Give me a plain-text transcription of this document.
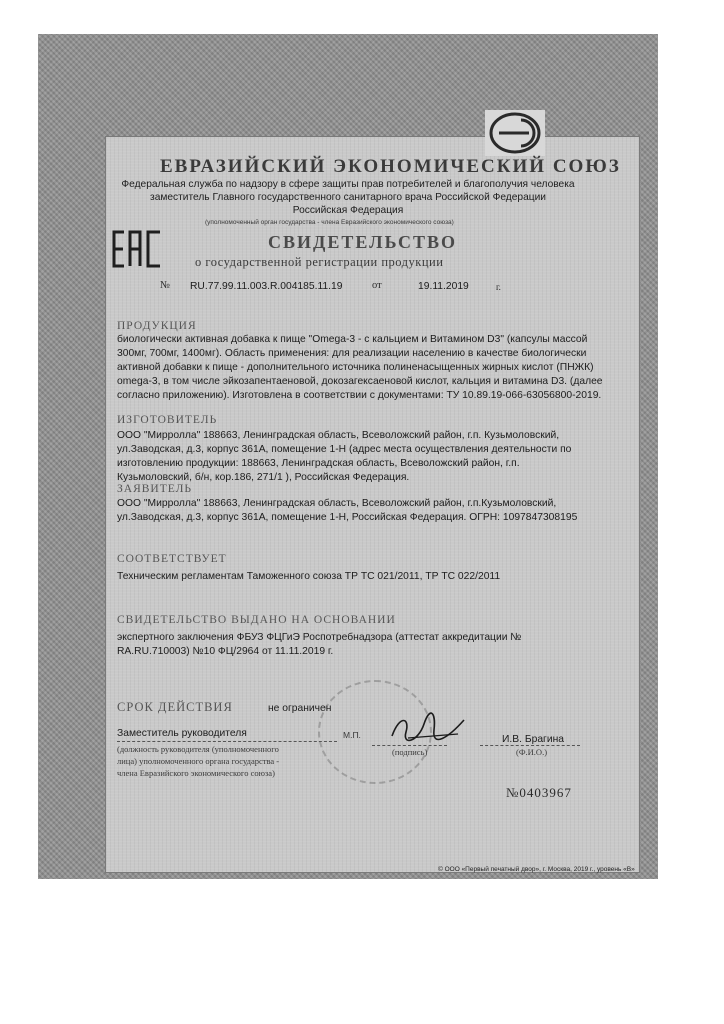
ЕВРАЗИЙСКИЙ ЭКОНОМИЧЕСКИЙ СОЮЗ
Федеральная служба по надзору в сфере защиты прав потребителей и благополучия человека
заместитель Главного государственного санитарного врача Российской Федерации
Российская Федерация
(уполномоченный орган государства - члена Евразийского экономического союза)
СВИДЕТЕЛЬСТВО
о государственной регистрации продукции
№ RU.77.99.11.003.R.004185.11.19	от	19.11.2019	г.
ПРОДУКЦИЯ
биологически активная добавка к пище "Omega-3 - с кальцием и Витамином D3" (капсулы массой
300мг, 700мг, 1400мг). Область применения: для реализации населению в качестве биологически
активной добавки к пище - дополнительного источника полиненасыщенных жирных кислот (ПНЖК)
omega-3, в том числе эйкозапентаеновой, докозагексаеновой кислот, кальция и витамина D3. (далее
согласно приложению). Изготовлена в соответствии с документами: ТУ 10.89.19-066-63056800-2019.
ИЗГОТОВИТЕЛЬ
ООО "Мирролла" 188663, Ленинградская область, Всеволожский район, г.п. Кузьмоловский,
ул.Заводская, д.3, корпус 361А, помещение 1-Н (адрес места осуществления деятельности по
изготовлению продукции: 188663, Ленинградская область, Всеволожский район, г.п.
Кузьмоловский, б/н, кор.186, 271/1 ), Российская Федерация.
ЗАЯВИТЕЛЬ
ООО "Мирролла" 188663, Ленинградская область, Всеволожский район, г.п.Кузьмоловский,
ул.Заводская, д.3, корпус 361А, помещение 1-Н, Российская Федерация. ОГРН: 1097847308195
СООТВЕТСТВУЕТ
Техническим регламентам Таможенного союза ТР ТС 021/2011, ТР ТС 022/2011
СВИДЕТЕЛЬСТВО ВЫДАНО НА ОСНОВАНИИ
экспертного заключения ФБУЗ ФЦГиЭ Роспотребнадзора (аттестат аккредитации №
RA.RU.710003) №10 ФЦ/2964 от 11.11.2019 г.
СРОК ДЕЙСТВИЯ	не ограничен
Заместитель руководителя	М.П.	И.В. Брагина
(должность руководителя (уполномоченного
лица) уполномоченного органа государства -
члена Евразийского экономического союза)
(подпись)	(Ф.И.О.)
№0403967
© ООО «Первый печатный двор», г. Москва, 2019 г., уровень «В»
